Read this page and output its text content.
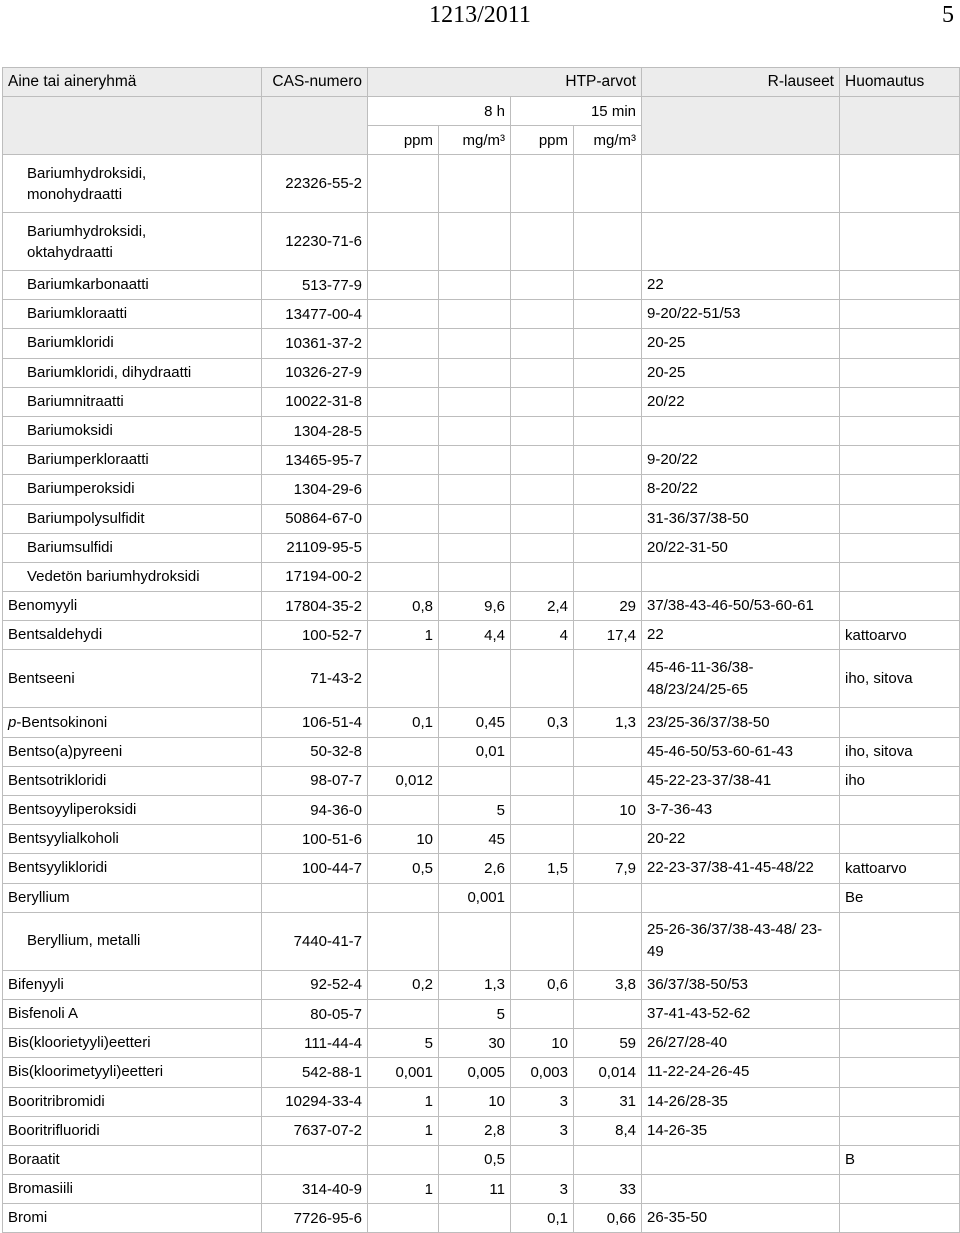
1213/2011	5
Aine tai aineryhmä	CAS-numero	HTP-arvot				R-lauseet	Huomautus
		8 h		15 min			
		ppm	mg/m³	ppm	mg/m³		
Bariumhydroksidi, monohydraatti	22326-55-2						
Bariumhydroksidi, oktahydraatti	12230-71-6						
Bariumkarbonaatti	513-77-9					22	
Bariumkloraatti	13477-00-4					9-20/22-51/53	
Bariumkloridi	10361-37-2					20-25	
Bariumkloridi, dihydraatti	10326-27-9					20-25	
Bariumnitraatti	10022-31-8					20/22	
Bariumoksidi	1304-28-5						
Bariumperkloraatti	13465-95-7					9-20/22	
Bariumperoksidi	1304-29-6					8-20/22	
Bariumpolysulfidit	50864-67-0					31-36/37/38-50	
Bariumsulfidi	21109-95-5					20/22-31-50	
Vedetön bariumhydroksidi	17194-00-2						
Benomyyli	17804-35-2	0,8	9,6	2,4	29	37/38-43-46-50/53-60-61	
Bentsaldehydi	100-52-7	1	4,4	4	17,4	22	kattoarvo
Bentseeni	71-43-2					45-46-11-36/38-48/23/24/25-65	iho, sitova
p-Bentsokinoni	106-51-4	0,1	0,45	0,3	1,3	23/25-36/37/38-50	
Bentso(a)pyreeni	50-32-8		0,01			45-46-50/53-60-61-43	iho, sitova
Bentsotrikloridi	98-07-7	0,012				45-22-23-37/38-41	iho
Bentsoyyliperoksidi	94-36-0		5		10	3-7-36-43	
Bentsyylialkoholi	100-51-6	10	45			20-22	
Bentsyylikloridi	100-44-7	0,5	2,6	1,5	7,9	22-23-37/38-41-45-48/22	kattoarvo
Beryllium			0,001				Be
Beryllium, metalli	7440-41-7					25-26-36/37/38-43-48/ 23-49	
Bifenyyli	92-52-4	0,2	1,3	0,6	3,8	36/37/38-50/53	
Bisfenoli A	80-05-7		5			37-41-43-52-62	
Bis(kloorietyyli)eetteri	111-44-4	5	30	10	59	26/27/28-40	
Bis(kloorimetyyli)eetteri	542-88-1	0,001	0,005	0,003	0,014	11-22-24-26-45	
Booritribromidi	10294-33-4	1	10	3	31	14-26/28-35	
Booritrifluoridi	7637-07-2	1	2,8	3	8,4	14-26-35	
Boraatit			0,5				B
Bromasiili	314-40-9	1	11	3	33		
Bromi	7726-95-6			0,1	0,66	26-35-50	
